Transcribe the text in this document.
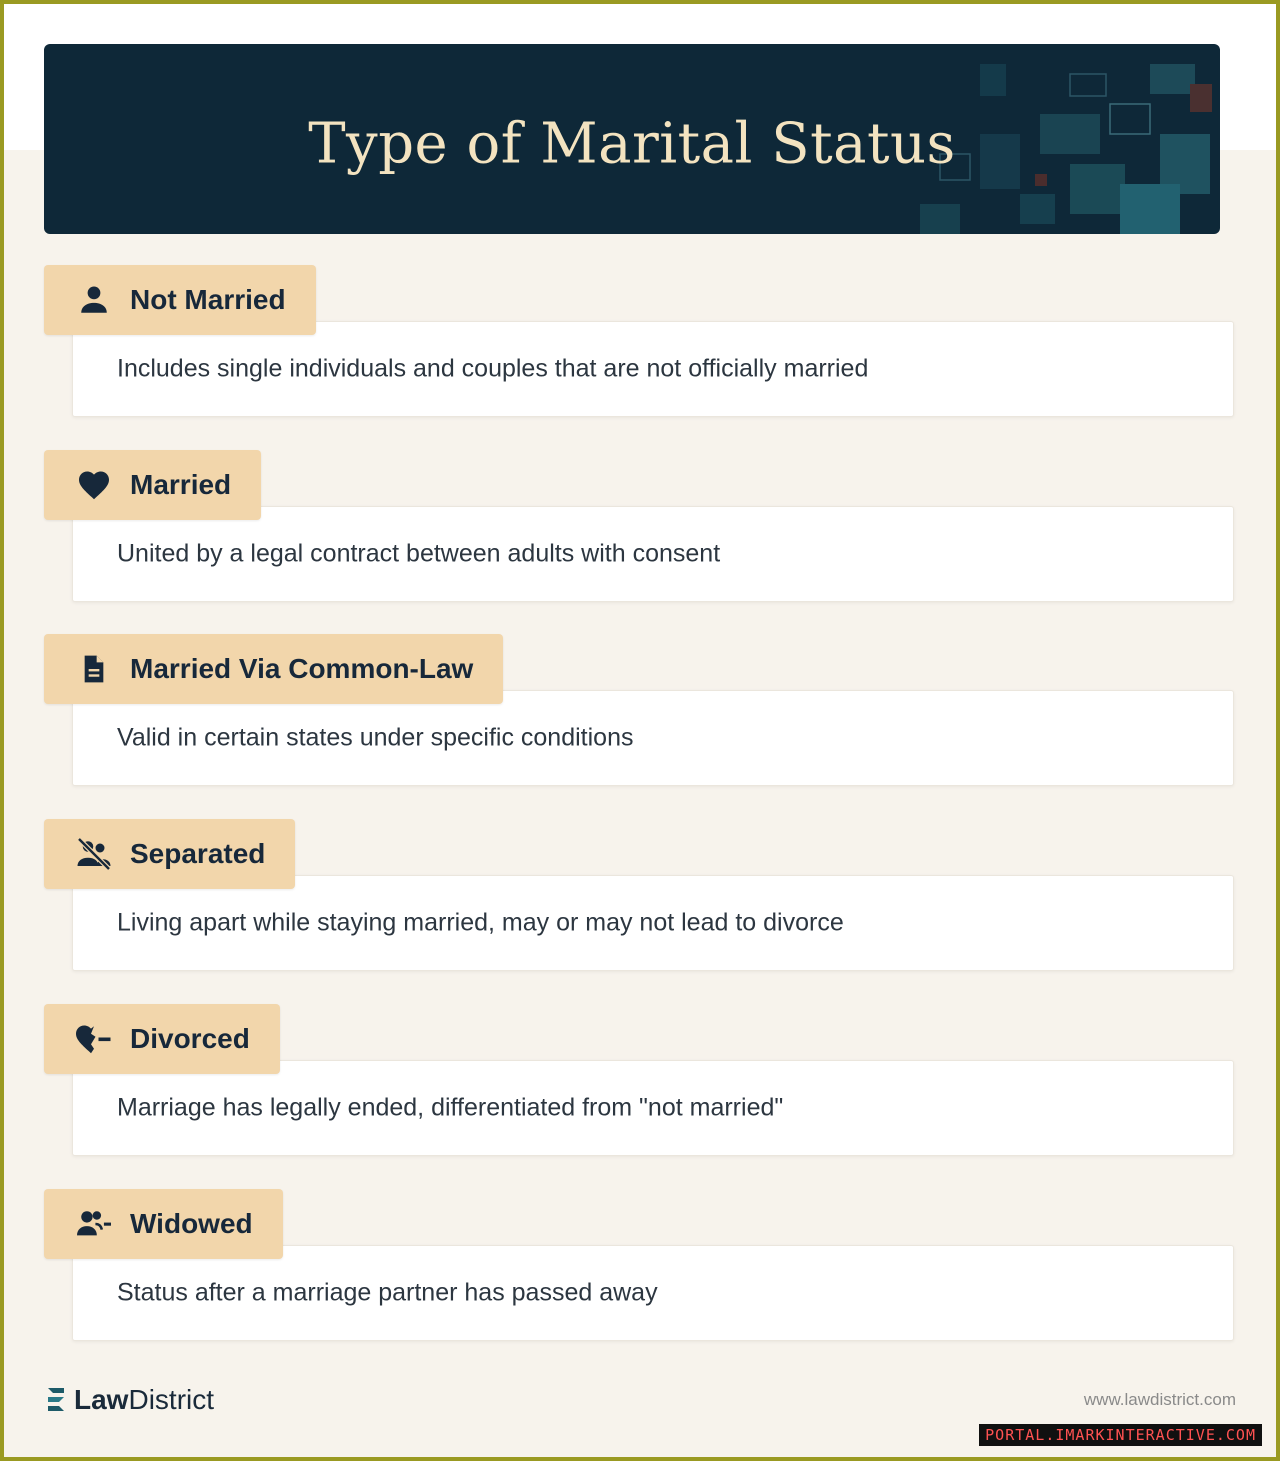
Type of Marital Status
Not Married
Includes single individuals and couples that are not officially married
Married
United by a legal contract between adults with consent
Married Via Common-Law
Valid in certain states under specific conditions
Separated
Living apart while staying married, may or may not lead to divorce
Divorced
Marriage has legally ended, differentiated from "not married"
Widowed
Status after a marriage partner has passed away
LawDistrict	www.lawdistrict.com
PORTAL.IMARKINTERACTIVE.COM
